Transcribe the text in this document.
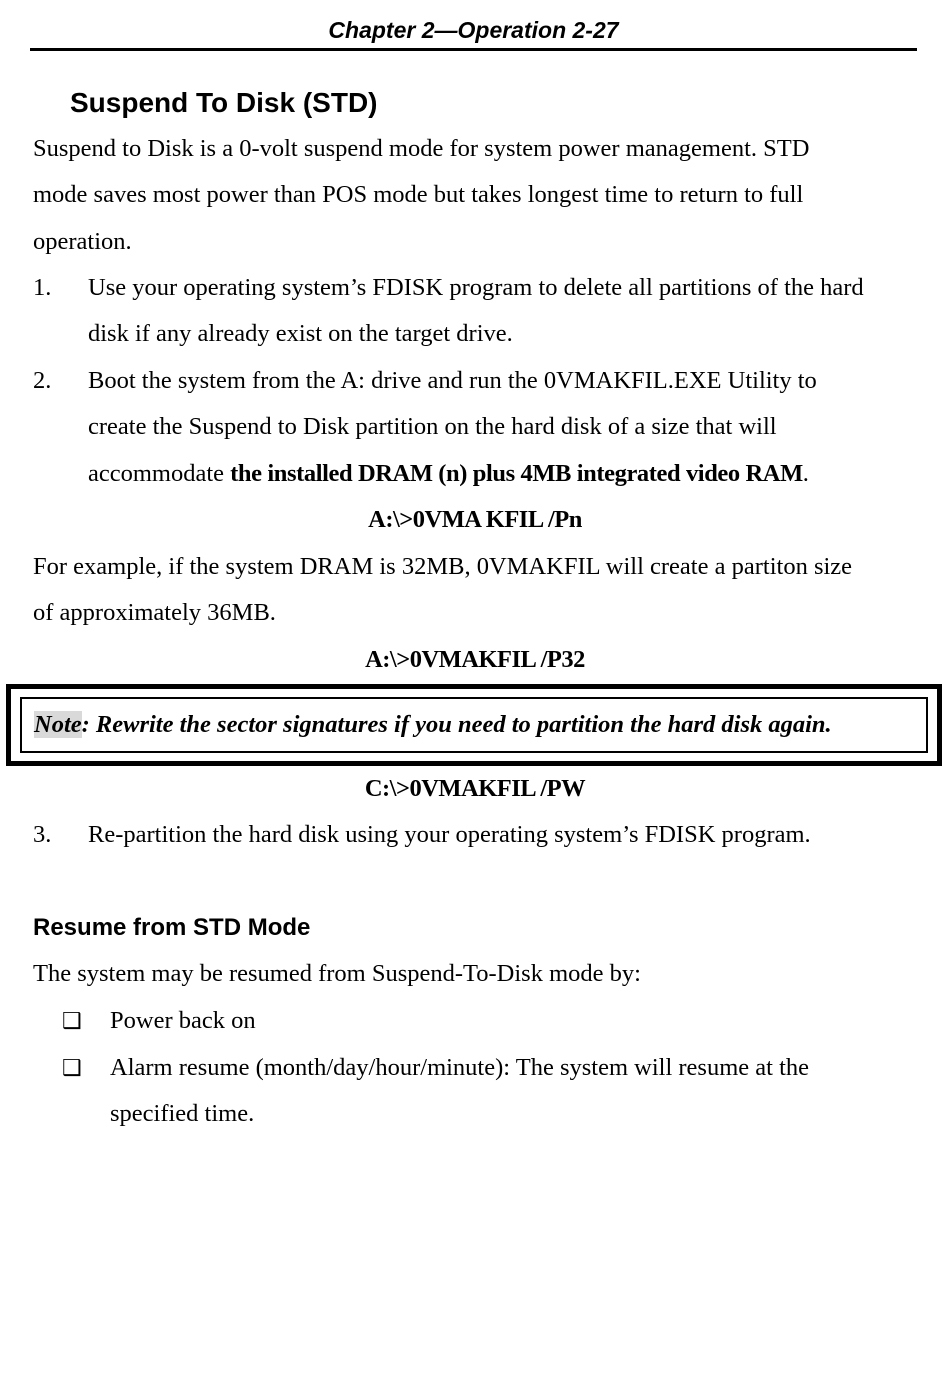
Chapter 2—Operation 2-27
Suspend To Disk (STD)
Suspend to Disk is a 0-volt suspend mode for system power management. STD
mode saves most power than POS mode but takes longest time to return to full
operation.
1. Use your operating system’s FDISK program to delete all partitions of the hard
disk if any already exist on the target drive.
2. Boot the system from the A: drive and run the 0VMAKFIL.EXE Utility to
create the Suspend to Disk partition on the hard disk of a size that will
accommodate the installed DRAM (n) plus 4MB integrated video RAM.
A:\>0VMA KFIL /Pn
For example, if the system DRAM is 32MB, 0VMAKFIL will create a partiton size
of approximately 36MB.
A:\>0VMAKFIL /P32
Note: Rewrite the sector signatures if you need to partition the hard disk again.
C:\>0VMAKFIL /PW
3. Re-partition the hard disk using your operating system’s FDISK program.
Resume from STD Mode
The system may be resumed from Suspend-To-Disk mode by:
❑ Power back on
❑ Alarm resume (month/day/hour/minute): The system will resume at the
specified time.
